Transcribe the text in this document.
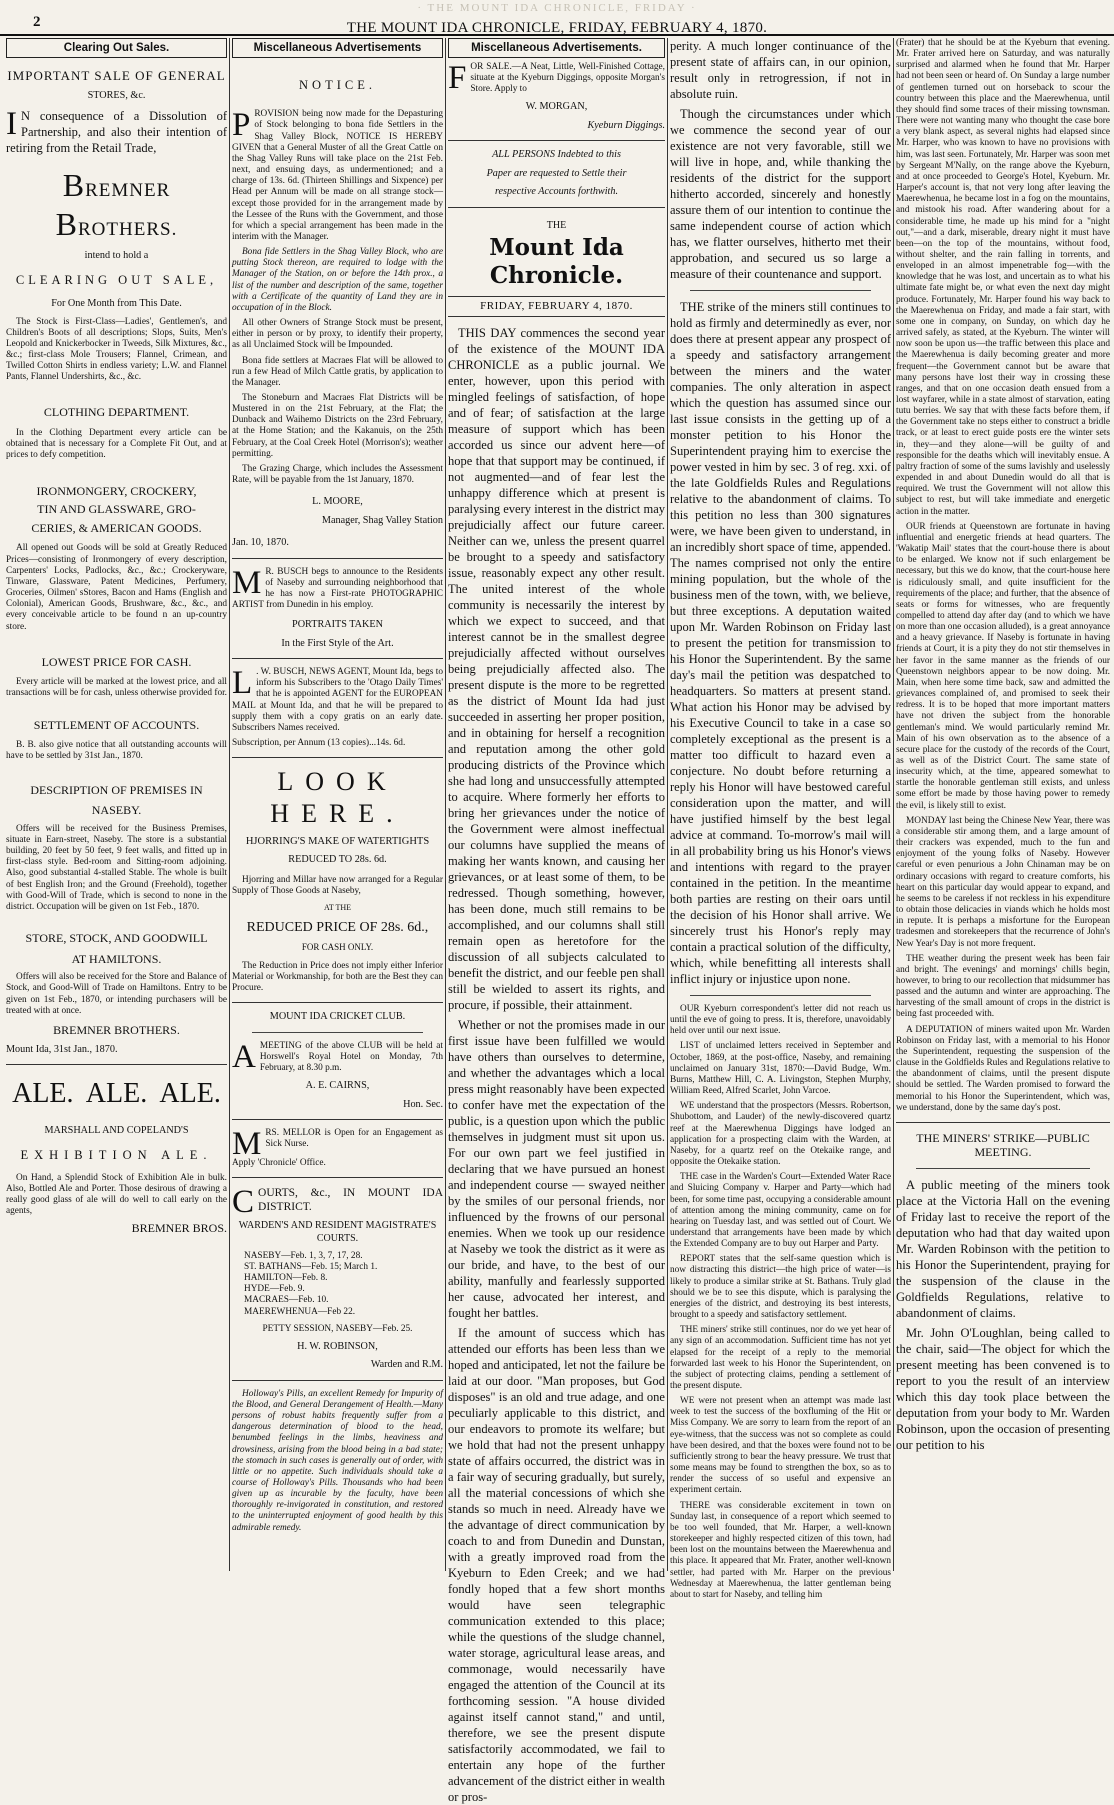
· THE MOUNT IDA CHRONICLE, FRIDAY ·
2	THE MOUNT IDA CHRONICLE, FRIDAY, FEBRUARY 4, 1870.
Clearing Out Sales.
IMPORTANT SALE OF GENERAL
STORES, &c.

I N consequence of a Dissolution of Partnership, and also their intention of retiring from the Retail Trade,

BREMNER BROTHERS.
intend to hold a
CLEARING OUT SALE,
For One Month from This Date.

The Stock is First-Class—Ladies', Gentlemen's, and Children's Boots of all descriptions; Slops, Suits, Men's Leopold and Knickerbocker in Tweeds, Silk Mixtures, &c., &c.; first-class Mole Trousers; Flannel, Crimean, and Twilled Cotton Shirts in endless variety; L.W. and Flannel Pants, Flannel Undershirts, &c., &c.

CLOTHING DEPARTMENT.

In the Clothing Department every article can be obtained that is necessary for a Complete Fit Out, and at prices to defy competition.

IRONMONGERY, CROCKERY,
TIN AND GLASSWARE, GRO-
CERIES, & AMERICAN GOODS.

All opened out Goods will be sold at Greatly Reduced Prices—consisting of Ironmongery of every description, Carpenters' Locks, Padlocks, &c., &c.; Crockeryware, Tinware, Glassware, Patent Medicines, Perfumery, Groceries, Oilmen' sStores, Bacon and Hams (English and Colonial), American Goods, Brushware, &c., &c., and every conceivable article to be found n an up-country store.

LOWEST PRICE FOR CASH.

Every article will be marked at the lowest price, and all transactions will be for cash, unless otherwise provided for.

SETTLEMENT OF ACCOUNTS.

B. B. also give notice that all outstanding accounts will have to be settled by 31st Jan., 1870.

DESCRIPTION OF PREMISES IN
NASEBY.

Offers will be received for the Business Premises, situate in Earn-street, Naseby. The store is a substantial building, 20 feet by 50 feet, 9 feet walls, and fitted up in first-class style. Bed-room and Sitting-room adjoining. Also, good substantial 4-stalled Stable. The whole is built of best English Iron; and the Ground (Freehold), together with Good-Will of Trade, which is second to none in the district. Occupation will be given on 1st Feb., 1870.

STORE, STOCK, AND GOODWILL
AT HAMILTONS.

Offers will also be received for the Store and Balance of Stock, and Good-Will of Trade on Hamiltons. Entry to be given on 1st Feb., 1870, or intending purchasers will be treated with at once.

BREMNER BROTHERS.
Mount Ida, 31st Jan., 1870.
ALE. ALE. ALE.
MARSHALL AND COPELAND'S
EXHIBITION ALE.

On Hand, a Splendid Stock of Exhibition Ale in bulk. Also, Bottled Ale and Porter. Those desirous of drawing a really good glass of ale will do well to call early on the agents,

BREMNER BROS.
Miscellaneous Advertisements
NOTICE.

PROVISION being now made for the Depasturing of Stock belonging to bona fide Settlers in the Shag Valley Block, NOTICE IS HEREBY GIVEN that a General Muster of all the Great Cattle on the Shag Valley Runs will take place on the 21st Feb. next, and ensuing days, as undermentioned; and a charge of 13s. 6d. (Thirteen Shillings and Sixpence) per Head per Annum will be made on all strange stock—except those provided for in the arrangement made by the Lessee of the Runs with the Government, and those for which a special arrangement has been made in the interim with the Manager.

Bona fide Settlers in the Shag Valley Block, who are putting Stock thereon, are required to lodge with the Manager of the Station, on or before the 14th prox., a list of the number and description of the same, together with a Certificate of the quantity of Land they are in occupation of in the Block.

All other Owners of Strange Stock must be present, either in person or by proxy, to identify their property, as all Unclaimed Stock will be Impounded.

Bona fide settlers at Macraes Flat will be allowed to run a few Head of Milch Cattle gratis, by application to the Manager.

The Stoneburn and Macraes Flat Districts will be Mustered in on the 21st February, at the Flat; the Dunback and Waihemo Districts on the 23rd February, at the Home Station; and the Kakanuis, on the 25th February, at the Coal Creek Hotel (Morrison's); weather permitting.

The Grazing Charge, which includes the Assessment Rate, will be payable from the 1st January, 1870.

L. MOORE,
Manager, Shag Valley Station
Jan. 10, 1870.

M R. BUSCH begs to announce to the Residents of Naseby and surrounding neighborhood that he has now a First-rate PHOTOGRAPHIC ARTIST from Dunedin in his employ.

PORTRAITS TAKEN
In the First Style of the Art.

L . W. BUSCH, NEWS AGENT, Mount Ida, begs to inform his Subscribers to the 'Otago Daily Times' that he is appointed AGENT for the EUROPEAN MAIL at Mount Ida, and that he will be prepared to supply them with a copy gratis on an early date. Subscribers Names received.

Subscription, per Annum (13 copies)...14s. 6d.
LOOK HERE.
HJORRING'S MAKE OF WATERTIGHTS
REDUCED TO 28s. 6d.

Hjorring and Millar have now arranged for a Regular Supply of Those Goods at Naseby,

AT THE
REDUCED PRICE OF 28s. 6d.,
FOR CASH ONLY.

The Reduction in Price does not imply either Inferior Material or Workmanship, for both are the Best they can Procure.

MOUNT IDA CRICKET CLUB.

AMEETING of the above CLUB will be held at Horswell's Royal Hotel on Monday, 7th February, at 8.30 p.m.

A. E. CAIRNS,
Hon. Sec.

MRS. MELLOR is Open for an Engagement as Sick Nurse.

Apply 'Chronicle' Office.

COURTS, &c., IN MOUNT IDA DISTRICT.

WARDEN'S AND RESIDENT MAGISTRATE'S COURTS.
NASEBY—Feb. 1, 3, 7, 17, 28.
ST. BATHANS—Feb. 15; March 1.
HAMILTON—Feb. 8.
HYDE—Feb. 9.
MACRAES—Feb. 10.
MAEREWHENUA—Feb 22.
PETTY SESSION, NASEBY—Feb. 25.
H. W. ROBINSON,
Warden and R.M.

Holloway's Pills, an excellent Remedy for Impurity of the Blood, and General Derangement of Health.—Many persons of robust habits frequently suffer from a dangerous determination of blood to the head, benumbed feelings in the limbs, heaviness and drowsiness, arising from the blood being in a bad state; the stomach in such cases is generally out of order, with little or no appetite. Such individuals should take a course of Holloway's Pills. Thousands who had been given up as incurable by the faculty, have been thoroughly re-invigorated in constitution, and restored to the uninterrupted enjoyment of good health by this admirable remedy.

Miscellaneous Advertisements.

FOR SALE.—A Neat, Little, Well-Finished Cottage, situate at the Kyeburn Diggings, opposite Morgan's Store. Apply to

W. MORGAN,
Kyeburn Diggings.
ALL PERSONS Indebted to this
Paper are requested to Settle their
respective Accounts forthwith.
THE
Mount Ida Chronicle.
FRIDAY, FEBRUARY 4, 1870.

THIS DAY commences the second year of the existence of the MOUNT IDA CHRONICLE as a public journal. We enter, however, upon this period with mingled feelings of satisfaction, of hope and of fear; of satisfaction at the large measure of support which has been accorded us since our advent here—of hope that that support may be continued, if not augmented—and of fear lest the unhappy difference which at present is paralysing every interest in the district may prejudicially affect our future career. Neither can we, unless the present quarrel be brought to a speedy and satisfactory issue, reasonably expect any other result. The united interest of the whole community is necessarily the interest by which we expect to succeed, and that interest cannot be in the smallest degree prejudicially affected without ourselves being prejudicially affected also. The present dispute is the more to be regretted as the district of Mount Ida had just succeeded in asserting her proper position, and in obtaining for herself a recognition and reputation among the other gold producing districts of the Province which she had long and unsuccessfully attempted to acquire. Where formerly her efforts to bring her grievances under the notice of the Government were almost ineffectual our columns have supplied the means of making her wants known, and causing her grievances, or at least some of them, to be redressed. Though something, however, has been done, much still remains to be accomplished, and our columns shall still remain open as heretofore for the discussion of all subjects calculated to benefit the district, and our feeble pen shall still be wielded to assert its rights, and procure, if possible, their attainment.

Whether or not the promises made in our first issue have been fulfilled we would have others than ourselves to determine, and whether the advantages which a local press might reasonably have been expected to confer have met the expectation of the public, is a question upon which the public themselves in judgment must sit upon us. For our own part we feel justified in declaring that we have pursued an honest and independent course — swayed neither by the smiles of our personal friends, nor influenced by the frowns of our personal enemies. When we took up our residence at Naseby we took the district as it were as our bride, and have, to the best of our ability, manfully and fearlessly supported her cause, advocated her interest, and fought her battles.

If the amount of success which has attended our efforts has been less than we hoped and anticipated, let not the failure be laid at our door. "Man proposes, but God disposes" is an old and true adage, and one peculiarly applicable to this district, and our endeavors to promote its welfare; but we hold that had not the present unhappy state of affairs occurred, the district was in a fair way of securing gradually, but surely, all the material concessions of which she stands so much in need. Already have we the advantage of direct communication by coach to and from Dunedin and Dunstan, with a greatly improved road from the Kyeburn to Eden Creek; and we had fondly hoped that a few short months would have seen telegraphic communication extended to this place; while the questions of the sludge channel, water storage, agricultural lease areas, and commonage, would necessarily have engaged the attention of the Council at its forthcoming session. "A house divided against itself cannot stand," and until, therefore, we see the present dispute satisfactorily accommodated, we fail to entertain any hope of the further advancement of the district either in wealth or pros-

perity. A much longer continuance of the present state of affairs can, in our opinion, result only in retrogression, if not in absolute ruin.

Though the circumstances under which we commence the second year of our existence are not very favorable, still we will live in hope, and, while thanking the residents of the district for the support hitherto accorded, sincerely and honestly assure them of our intention to continue the same independent course of action which has, we flatter ourselves, hitherto met their approbation, and secured us so large a measure of their countenance and support.

THE strike of the miners still continues to hold as firmly and determinedly as ever, nor does there at present appear any prospect of a speedy and satisfactory arrangement between the miners and the water companies. The only alteration in aspect which the question has assumed since our last issue consists in the getting up of a monster petition to his Honor the Superintendent praying him to exercise the power vested in him by sec. 3 of reg. xxi. of the late Goldfields Rules and Regulations relative to the abandonment of claims. To this petition no less than 300 signatures were, we have been given to understand, in an incredibly short space of time, appended. The names comprised not only the entire mining population, but the whole of the business men of the town, with, we believe, but three exceptions. A deputation waited upon Mr. Warden Robinson on Friday last to present the petition for transmission to his Honor the Superintendent. By the same day's mail the petition was despatched to headquarters. So matters at present stand. What action his Honor may be advised by his Executive Council to take in a case so completely exceptional as the present is a matter too difficult to hazard even a conjecture. No doubt before returning a reply his Honor will have bestowed careful consideration upon the matter, and will have justified himself by the best legal advice at command. To-morrow's mail will in all probability bring us his Honor's views and intentions with regard to the prayer contained in the petition. In the meantime both parties are resting on their oars until the decision of his Honor shall arrive. We sincerely trust his Honor's reply may contain a practical solution of the difficulty, which, while benefitting all interests shall inflict injury or injustice upon none.

OUR Kyeburn correspondent's letter did not reach us until the eve of going to press. It is, therefore, unavoidably held over until our next issue.

LIST of unclaimed letters received in September and October, 1869, at the post-office, Naseby, and remaining unclaimed on January 31st, 1870:—David Budge, Wm. Burns, Matthew Hill, C. A. Livingston, Stephen Murphy, William Reed, Alfred Scarlet, John Varcoe.

WE understand that the prospectors (Messrs. Robertson, Shubottom, and Lauder) of the newly-discovered quartz reef at the Maerewhenua Diggings have lodged an application for a prospecting claim with the Warden, at Naseby, for a quartz reef on the Otekaike range, and opposite the Otekaike station.

THE case in the Warden's Court—Extended Water Race and Sluicing Company v. Harper and Party—which had been, for some time past, occupying a considerable amount of attention among the mining community, came on for hearing on Tuesday last, and was settled out of Court. We understand that arrangements have been made by which the Extended Company are to buy out Harper and Party.

REPORT states that the self-same question which is now distracting this district—the high price of water—is likely to produce a similar strike at St. Bathans. Truly glad should we be to see this dispute, which is paralysing the energies of the district, and destroying its best interests, brought to a speedy and satisfactory settlement.

THE miners' strike still continues, nor do we yet hear of any sign of an accommodation. Sufficient time has not yet elapsed for the receipt of a reply to the memorial forwarded last week to his Honor the Superintendent, on the subject of protecting claims, pending a settlement of the present dispute.

WE were not present when an attempt was made last week to test the success of the boxfluming of the Hit or Miss Company. We are sorry to learn from the report of an eye-witness, that the success was not so complete as could have been desired, and that the boxes were found not to be sufficiently strong to bear the heavy pressure. We trust that some means may be found to strengthen the box, so as to render the success of so useful and expensive an experiment certain.

THERE was considerable excitement in town on Sunday last, in consequence of a report which seemed to be too well founded, that Mr. Harper, a well-known storekeeper and highly respected citizen of this town, had been lost on the mountains between the Maerewhenua and this place. It appeared that Mr. Frater, another well-known settler, had parted with Mr. Harper on the previous Wednesday at Maerewhenua, the latter gentleman being about to start for Naseby, and telling him

(Frater) that he should be at the Kyeburn that evening. Mr. Frater arrived here on Saturday, and was naturally surprised and alarmed when he found that Mr. Harper had not been seen or heard of. On Sunday a large number of gentlemen turned out on horseback to scour the country between this place and the Maerewhenua, until they should find some traces of their missing townsman. There were not wanting many who thought the case bore a very blank aspect, as several nights had elapsed since Mr. Harper, who was known to have no provisions with him, was last seen. Fortunately, Mr. Harper was soon met by Sergeant M'Nally, on the range above the Kyeburn, and at once proceeded to George's Hotel, Kyeburn. Mr. Harper's account is, that not very long after leaving the Maerewhenua, he became lost in a fog on the mountains, and mistook his road. After wandering about for a considerable time, he made up his mind for a "night out,"—and a dark, miserable, dreary night it must have been—on the top of the mountains, without food, without shelter, and the rain falling in torrents, and enveloped in an almost impenetrable fog—with the knowledge that he was lost, and uncertain as to what his ultimate fate might be, or what even the next day might produce. Fortunately, Mr. Harper found his way back to the Maerewhenua on Friday, and made a fair start, with some one in company, on Sunday, on which day he arrived safely, as stated, at the Kyeburn. The winter will now soon be upon us—the traffic between this place and the Maerewhenua is daily becoming greater and more frequent—the Government cannot but be aware that many persons have lost their way in crossing these ranges, and that on one occasion death ensued from a lost wayfarer, while in a state almost of starvation, eating tutu berries. We say that with these facts before them, if the Government take no steps either to construct a bridle track, or at least to erect guide posts ere the winter sets in, they—and they alone—will be guilty of and responsible for the deaths which will inevitably ensue. A paltry fraction of some of the sums lavishly and uselessly expended in and about Dunedin would do all that is required. We trust the Government will not allow this subject to rest, but will take immediate and energetic action in the matter.

OUR friends at Queenstown are fortunate in having influential and energetic friends at head quarters. The 'Wakatip Mail' states that the court-house there is about to be enlarged. We know not if such enlargement be necessary, but this we do know, that the court-house here is ridiculously small, and quite insufficient for the requirements of the place; and further, that the absence of seats or forms for witnesses, who are frequently compelled to attend day after day (and to which we have on more than one occasion alluded), is a great annoyance and a heavy grievance. If Naseby is fortunate in having friends at Court, it is a pity they do not stir themselves in her favor in the same manner as the friends of our Queenstown neighbors appear to be now doing. Mr. Main, when here some time back, saw and admitted the grievances complained of, and promised to seek their redress. It is to be hoped that more important matters have not driven the subject from the honorable gentleman's mind. We would particularly remind Mr. Main of his own observation as to the absence of a secure place for the custody of the records of the Court, as well as of the District Court. The same state of insecurity which, at the time, appeared somewhat to startle the honorable gentleman still exists, and unless some effort be made by those having power to remedy the evil, is likely still to exist.

MONDAY last being the Chinese New Year, there was a considerable stir among them, and a large amount of their crackers was expended, much to the fun and enjoyment of the young folks of Naseby. However careful or even penurious a John Chinaman may be on ordinary occasions with regard to creature comforts, his heart on this particular day would appear to expand, and he seems to be careless if not reckless in his expenditure to obtain those delicacies in viands which he holds most in repute. It is perhaps a misfortune for the European tradesmen and storekeepers that the recurrence of John's New Year's Day is not more frequent.

THE weather during the present week has been fair and bright. The evenings' and mornings' chills begin, however, to bring to our recollection that midsummer has passed and the autumn and winter are approaching. The harvesting of the small amount of crops in the district is being fast proceeded with.

A DEPUTATION of miners waited upon Mr. Warden Robinson on Friday last, with a memorial to his Honor the Superintendent, requesting the suspension of the clause in the Goldfields Rules and Regulations relative to the abandonment of claims, until the present dispute should be settled. The Warden promised to forward the memorial to his Honor the Superintendent, which was, we understand, done by the same day's post.

THE MINERS' STRIKE—PUBLIC MEETING.

A public meeting of the miners took place at the Victoria Hall on the evening of Friday last to receive the report of the deputation who had that day waited upon Mr. Warden Robinson with the petition to his Honor the Superintendent, praying for the suspension of the clause in the Goldfields Regulations, relative to abandonment of claims.

Mr. John O'Loughlan, being called to the chair, said—The object for which the present meeting has been convened is to report to you the result of an interview which this day took place between the deputation from your body to Mr. Warden Robinson, upon the occasion of presenting our petition to his
